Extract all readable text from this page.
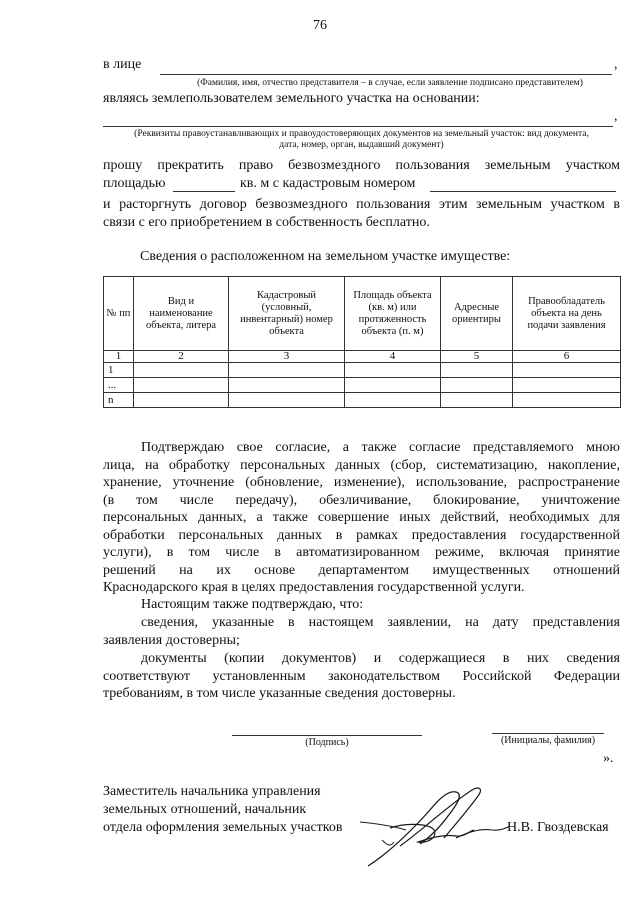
76
в лице	,
(Фамилия, имя, отчество представителя – в случае, если заявление подписано представителем)
являясь землепользователем земельного участка на основании:
,
(Реквизиты правоустанавливающих и правоудостоверяющих документов на земельный участок: вид документа,
дата, номер, орган, выдавший документ)
прошу прекратить право безвозмездного пользования земельным участком
площадью	кв. м с кадастровым номером
и расторгнуть договор безвозмездного пользования этим земельным участком в
связи с его приобретением в собственность бесплатно.
Сведения о расположенном на земельном участке имуществе:
№ пп	Вид и наименование объекта, литера	Кадастровый (условный, инвентарный) номер объекта	Площадь объекта (кв. м) или протяженность объекта (п. м)	Адресные ориентиры	Правообладатель объекта на день подачи заявления
1	2	3	4	5	6
1					
...					
n					
Подтверждаю свое согласие, а также согласие представляемого мною
лица, на обработку персональных данных (сбор, систематизацию, накопление,
хранение, уточнение (обновление, изменение), использование, распространение
(в том числе передачу), обезличивание, блокирование, уничтожение
персональных данных, а также совершение иных действий, необходимых для
обработки персональных данных в рамках предоставления государственной
услуги), в том числе в автоматизированном режиме, включая принятие
решений на их основе департаментом имущественных отношений
Краснодарского края в целях предоставления государственной услуги.
Настоящим также подтверждаю, что:
сведения, указанные в настоящем заявлении, на дату представления
заявления достоверны;
документы (копии документов) и содержащиеся в них сведения
соответствуют установленным законодательством Российской Федерации
требованиям, в том числе указанные сведения достоверны.
(Подпись)	(Инициалы, фамилия)
».
Заместитель начальника управления
земельных отношений, начальник
отдела оформления земельных участков	Н.В. Гвоздевская
